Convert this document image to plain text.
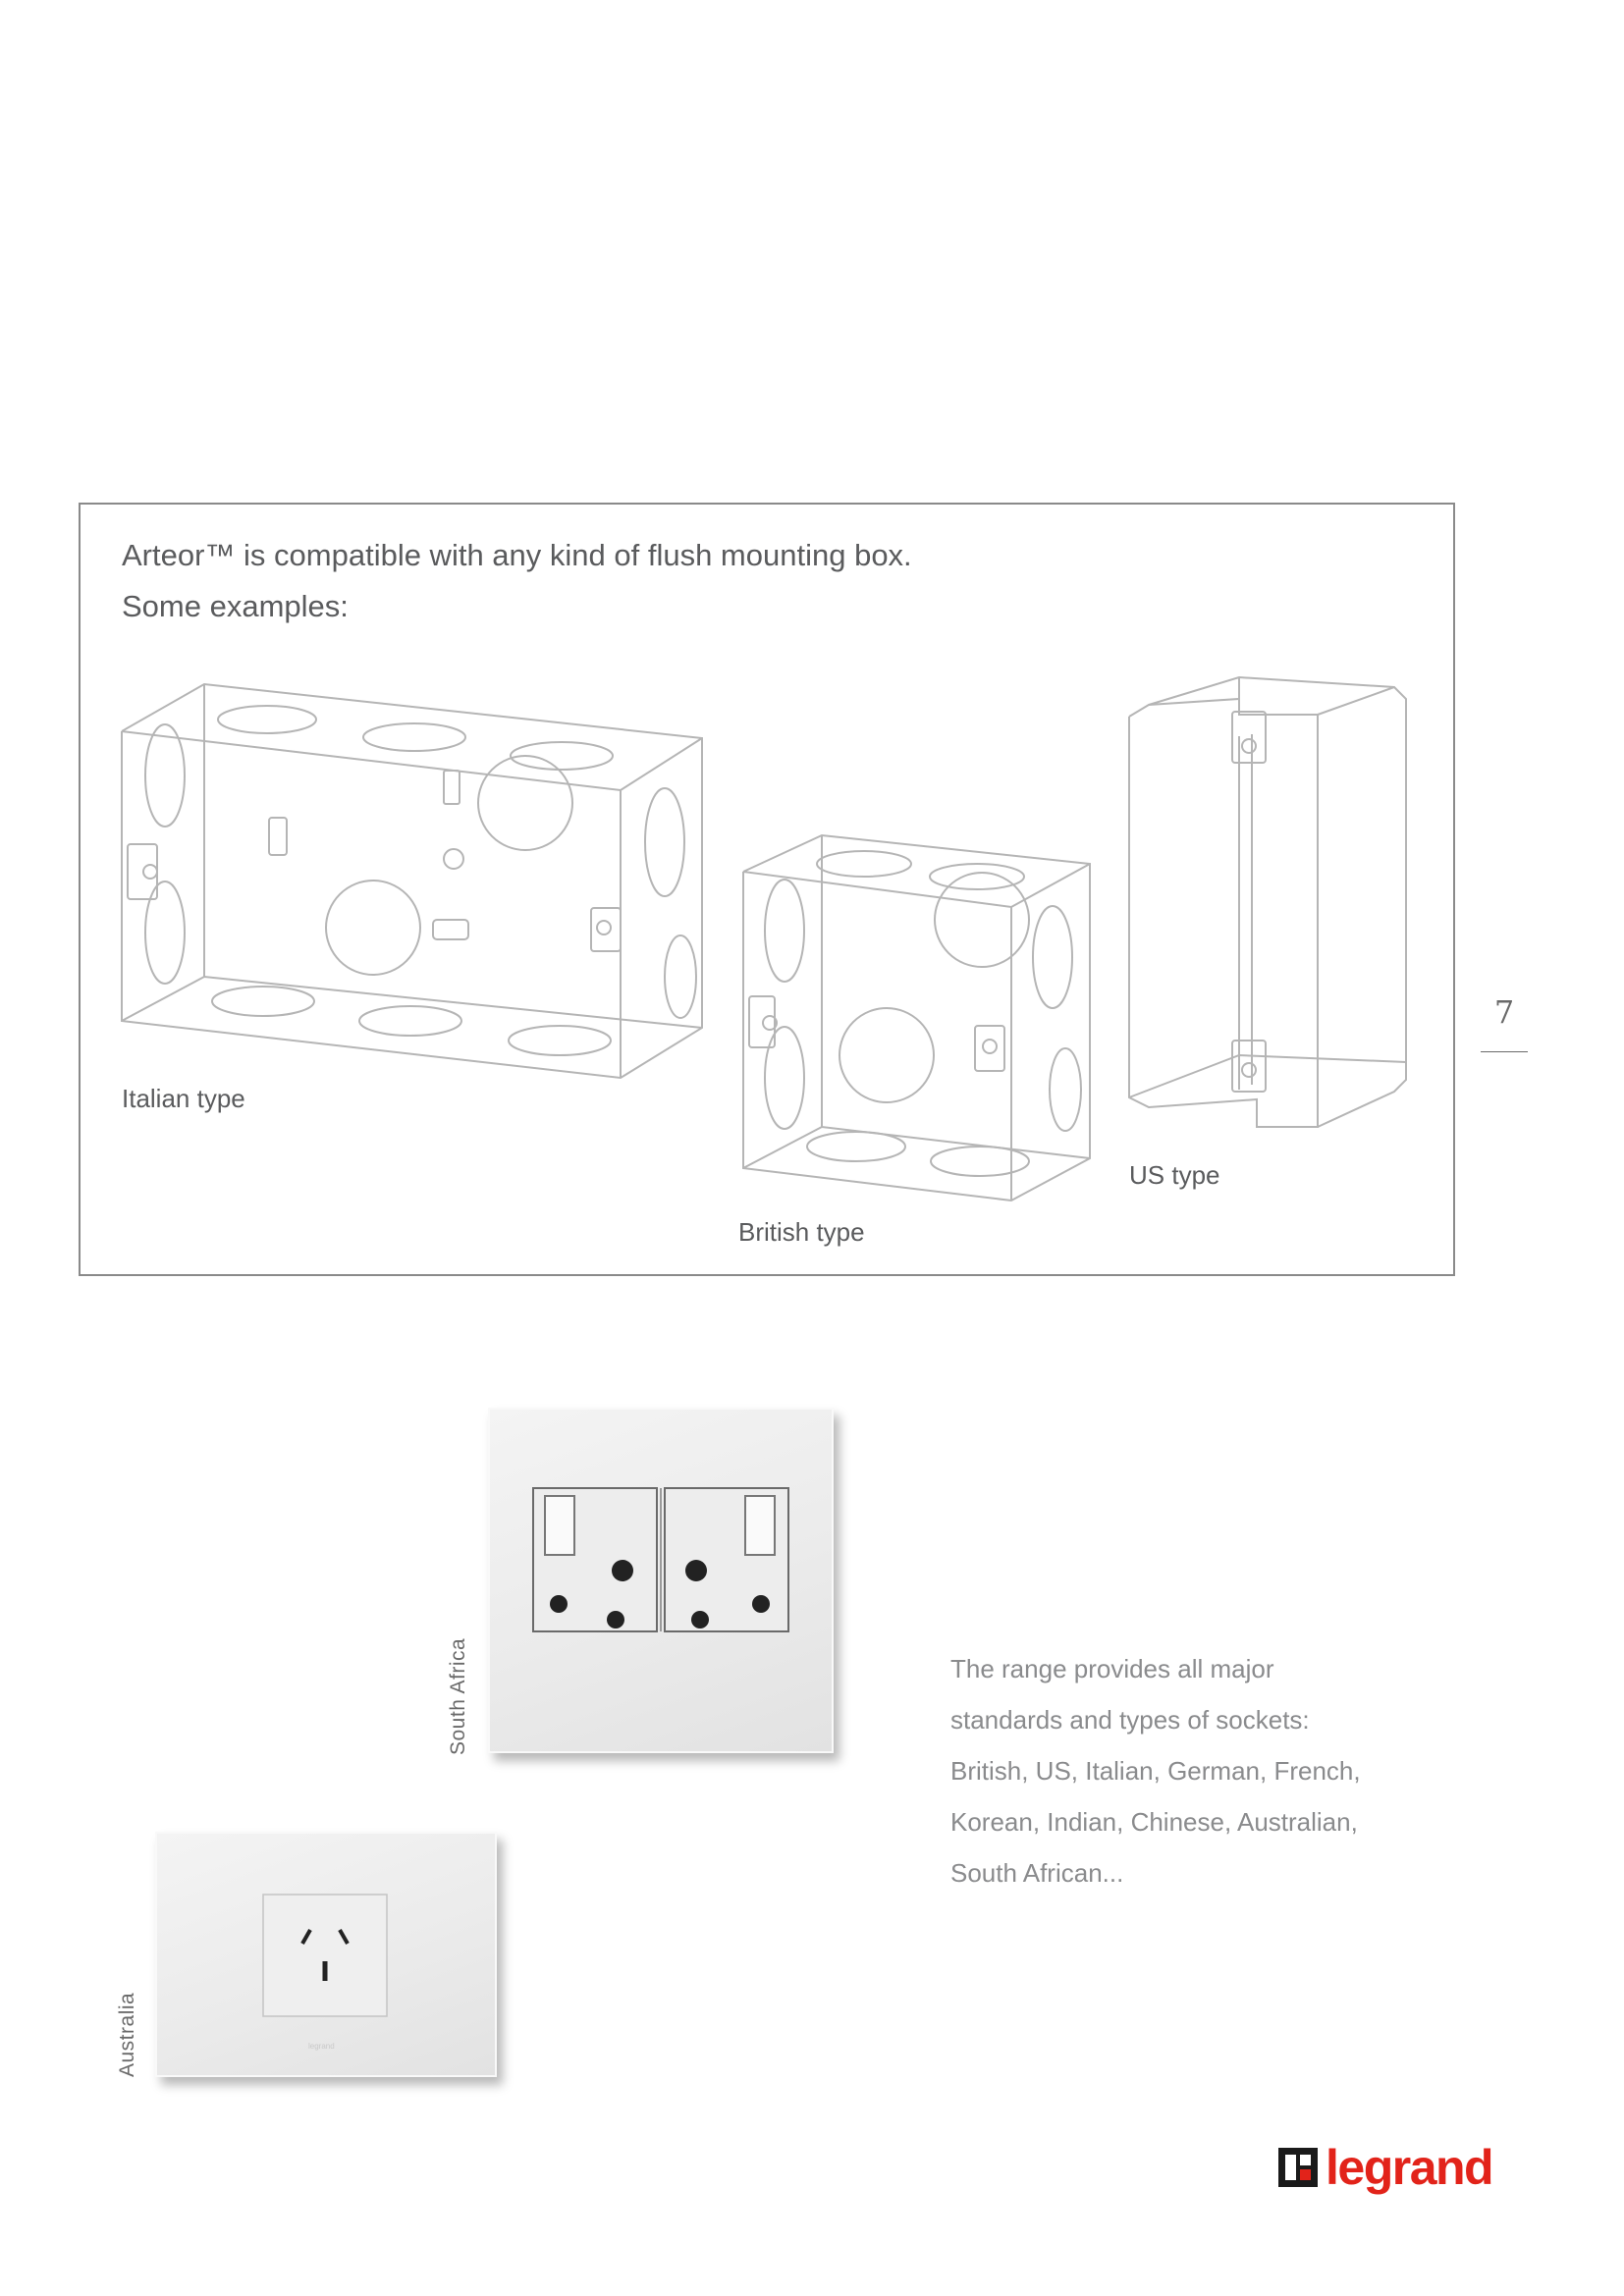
Arteor™ is compatible with any kind of flush mounting box.
Some examples:
Italian type
British type
US type
7
South Africa
Australia	legrand
The range provides all major
standards and types of sockets:
British, US, Italian, German, French,
Korean, Indian, Chinese, Australian,
South African...
legrand
